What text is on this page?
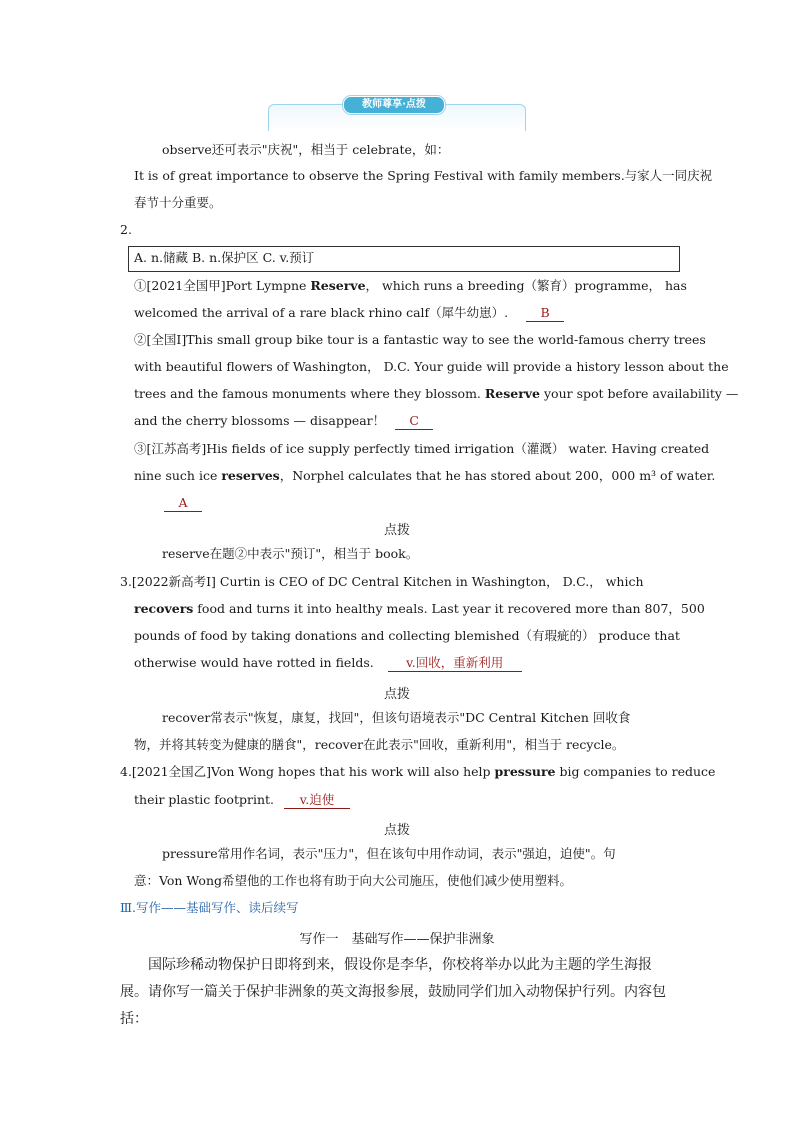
教师尊享·点拨
observe还可表示"庆祝"，相当于 celebrate，如：
It is of great importance to observe the Spring Festival with family members.与家人一同庆祝
春节十分重要。
2.
A. n.储藏 B. n.保护区 C. v.预订
①[2021全国甲]Port Lympne Reserve， which runs a breeding（繁育）programme， has
welcomed the arrival of a rare black rhino calf（犀牛幼崽）.	B
②[全国Ⅰ]This small group bike tour is a fantastic way to see the world-famous cherry trees
with beautiful flowers of Washington， D.C. Your guide will provide a history lesson about the
trees and the famous monuments where they blossom. Reserve your spot before availability —
and the cherry blossoms — disappear！ C
③[江苏高考]His fields of ice supply perfectly timed irrigation（灌溉） water. Having created
nine such ice reserves，Norphel calculates that he has stored about 200，000 m³ of water.
A
点拨
reserve在题②中表示"预订"，相当于 book。
3.[2022新高考Ⅰ] Curtin is CEO of DC Central Kitchen in Washington， D.C.， which
recovers food and turns it into healthy meals. Last year it recovered more than 807，500
pounds of food by taking donations and collecting blemished（有瑕疵的） produce that
otherwise would have rotted in fields.	v.回收，重新利用
点拨
recover常表示"恢复，康复，找回"，但该句语境表示"DC Central Kitchen 回收食
物，并将其转变为健康的膳食"，recover在此表示"回收，重新利用"，相当于 recycle。
4.[2021全国乙]Von Wong hopes that his work will also help pressure big companies to reduce
their plastic footprint. v.迫使
点拨
pressure常用作名词，表示"压力"，但在该句中用作动词，表示"强迫，迫使"。句
意：Von Wong希望他的工作也将有助于向大公司施压，使他们减少使用塑料。
Ⅲ.写作——基础写作、读后续写
写作一　基础写作——保护非洲象
国际珍稀动物保护日即将到来，假设你是李华，你校将举办以此为主题的学生海报
展。请你写一篇关于保护非洲象的英文海报参展，鼓励同学们加入动物保护行列。内容包
括：
